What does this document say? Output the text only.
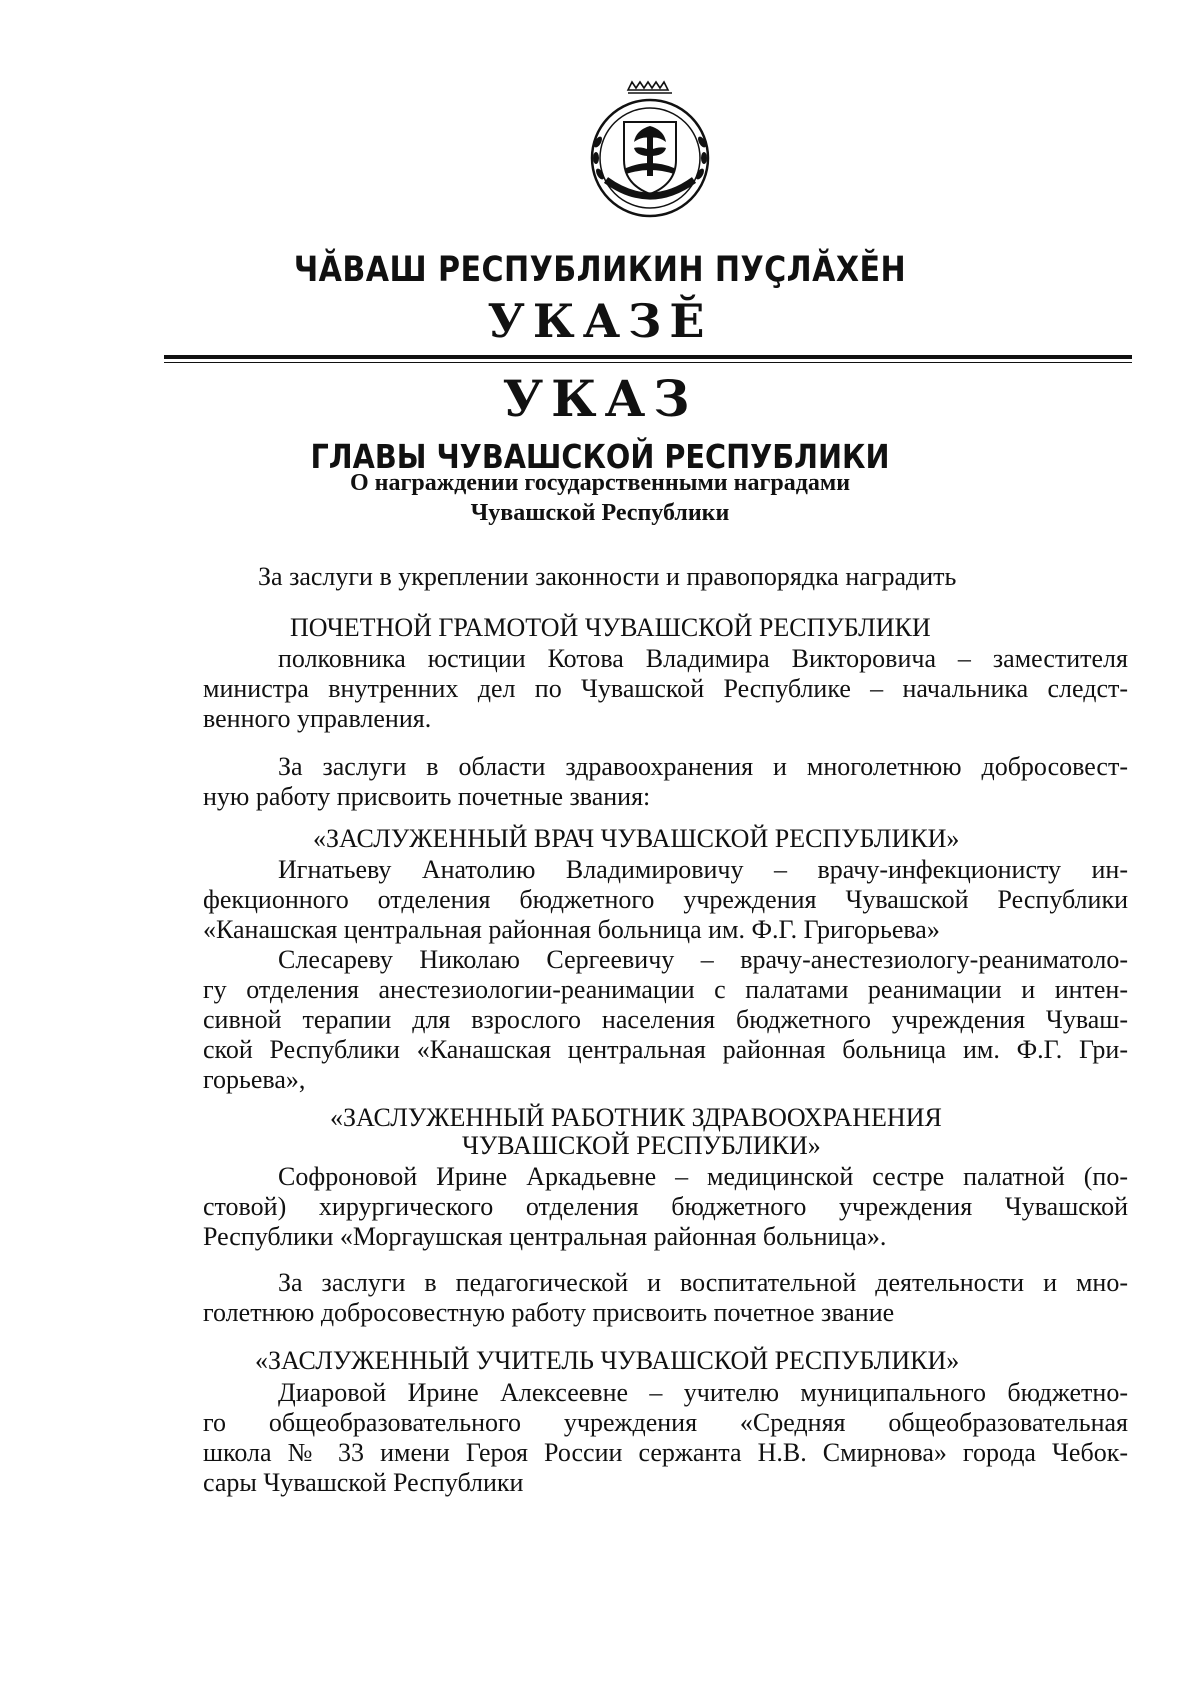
ЧĂВАШ РЕСПУБЛИКИ • ЧУВАШСКАЯ РЕСПУБЛИКА
ЧĂВАШ РЕСПУБЛИКИН ПУÇЛĂХĔН
УКАЗĔ
УКАЗ
ГЛАВЫ ЧУВАШСКОЙ РЕСПУБЛИКИ
О награждении государственными наградами
Чувашской Республики
За заслуги в укреплении законности и правопорядка наградить
ПОЧЕТНОЙ ГРАМОТОЙ ЧУВАШСКОЙ РЕСПУБЛИКИ
полковника юстиции Котова Владимира Викторовича – заместителя
министра внутренних дел по Чувашской Республике – начальника следст-
венного управления.
За заслуги в области здравоохранения и многолетнюю добросовест-
ную работу присвоить почетные звания:
«ЗАСЛУЖЕННЫЙ ВРАЧ ЧУВАШСКОЙ РЕСПУБЛИКИ»
Игнатьеву Анатолию Владимировичу – врачу-инфекционисту ин-
фекционного отделения бюджетного учреждения Чувашской Республики
«Канашская центральная районная больница им. Ф.Г. Григорьева»
Слесареву Николаю Сергеевичу – врачу-анестезиологу-реаниматоло-
гу отделения анестезиологии-реанимации с палатами реанимации и интен-
сивной терапии для взрослого населения бюджетного учреждения Чуваш-
ской Республики «Канашская центральная районная больница им. Ф.Г. Гри-
горьева»,
«ЗАСЛУЖЕННЫЙ РАБОТНИК ЗДРАВООХРАНЕНИЯ
ЧУВАШСКОЙ РЕСПУБЛИКИ»
Софроновой Ирине Аркадьевне – медицинской сестре палатной (по-
стовой) хирургического отделения бюджетного учреждения Чувашской
Республики «Моргаушская центральная районная больница».
За заслуги в педагогической и воспитательной деятельности и мно-
голетнюю добросовестную работу присвоить почетное звание
«ЗАСЛУЖЕННЫЙ УЧИТЕЛЬ ЧУВАШСКОЙ РЕСПУБЛИКИ»
Диаровой Ирине Алексеевне – учителю муниципального бюджетно-
го общеобразовательного учреждения «Средняя общеобразовательная
школа № 33 имени Героя России сержанта Н.В. Смирнова» города Чебок-
сары Чувашской Республики
